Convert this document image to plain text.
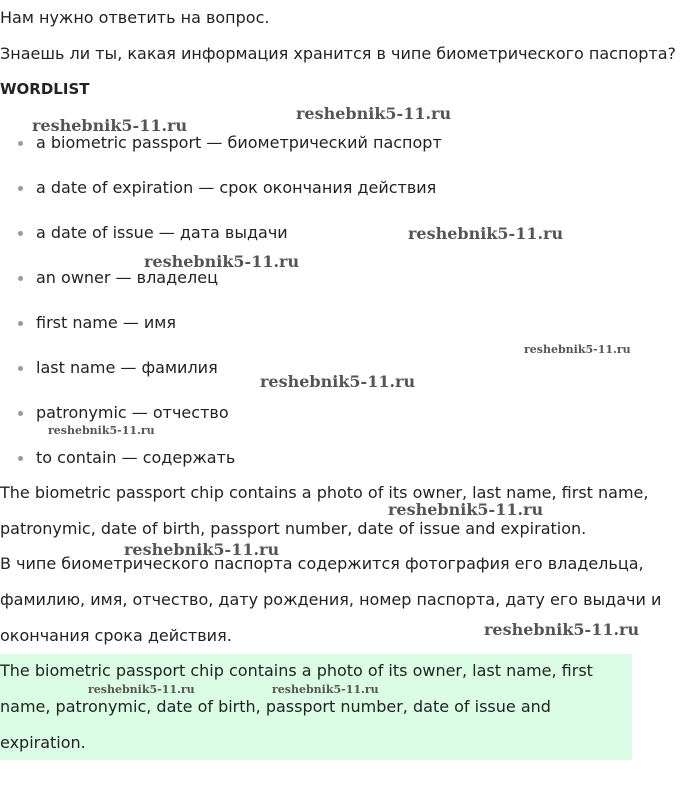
Нам нужно ответить на вопрос.
Знаешь ли ты, какая информация хранится в чипе биометрического паспорта?
WORDLIST
a biometric passport — биометрический паспорт
a date of expiration — срок окончания действия
a date of issue — дата выдачи
an owner — владелец
first name — имя
last name — фамилия
patronymic — отчество
to contain — содержать
The biometric passport chip contains a photo of its owner, last name, first name,
patronymic, date of birth, passport number, date of issue and expiration.
В чипе биометрического паспорта содержится фотография его владельца,
фамилию, имя, отчество, дату рождения, номер паспорта, дату его выдачи и
окончания срока действия.
The biometric passport chip contains a photo of its owner, last name, first
name, patronymic, date of birth, passport number, date of issue and
expiration.
reshebnik5-11.ru
reshebnik5-11.ru
reshebnik5-11.ru
reshebnik5-11.ru
reshebnik5-11.ru
reshebnik5-11.ru
reshebnik5-11.ru
reshebnik5-11.ru
reshebnik5-11.ru
reshebnik5-11.ru
reshebnik5-11.ru	reshebnik5-11.ru
